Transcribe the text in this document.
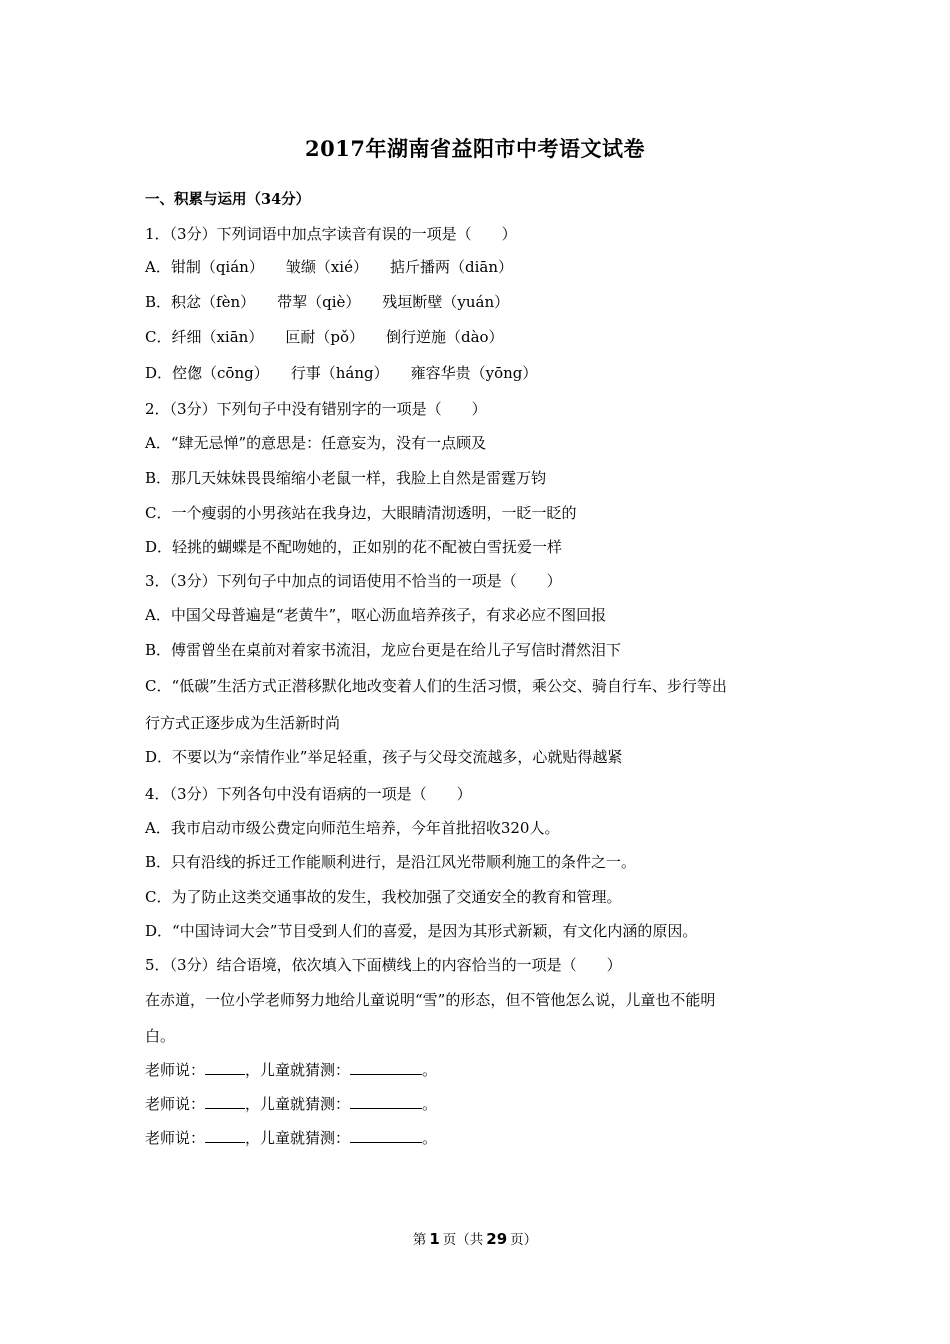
2017年湖南省益阳市中考语文试卷
一、积累与运用（34分）
1．（3分）下列词语中加点字读音有误的一项是（　　）
A．钳制（qián） 皱缬（xié） 掂斤播两（diān）
B．积忿（fèn） 带挈（qiè） 残垣断壁（yuán）
C．纤细（xiān） 叵耐（pǒ） 倒行逆施（dào）
D．倥偬（cōng） 行事（háng） 雍容华贵（yōng）
2．（3分）下列句子中没有错别字的一项是（　　）
A．“肆无忌惮”的意思是：任意妄为，没有一点顾及
B．那几天妹妹畏畏缩缩小老鼠一样，我脸上自然是雷霆万钧
C．一个瘦弱的小男孩站在我身边，大眼睛清沏透明，一眨一眨的
D．轻挑的蝴蝶是不配吻她的，正如别的花不配被白雪抚爱一样
3．（3分）下列句子中加点的词语使用不恰当的一项是（　　）
A．中国父母普遍是“老黄牛”，呕心沥血培养孩子，有求必应不图回报
B．傅雷曾坐在桌前对着家书流泪，龙应台更是在给儿子写信时潸然泪下
C．“低碳”生活方式正潜移默化地改变着人们的生活习惯，乘公交、骑自行车、步行等出
行方式正逐步成为生活新时尚
D．不要以为“亲情作业”举足轻重，孩子与父母交流越多，心就贴得越紧
4．（3分）下列各句中没有语病的一项是（　　）
A．我市启动市级公费定向师范生培养，今年首批招收320人。
B．只有沿线的拆迁工作能顺利进行，是沿江风光带顺利施工的条件之一。
C．为了防止这类交通事故的发生，我校加强了交通安全的教育和管理。
D．“中国诗词大会”节目受到人们的喜爱，是因为其形式新颖，有文化内涵的原因。
5．（3分）结合语境，依次填入下面横线上的内容恰当的一项是（　　）
在赤道，一位小学老师努力地给儿童说明“雪”的形态，但不管他怎么说，儿童也不能明
白。
老师说：	，儿童就猜测：	。
老师说：	，儿童就猜测：	。
老师说：	，儿童就猜测：	。
第 1 页（共 29 页）
